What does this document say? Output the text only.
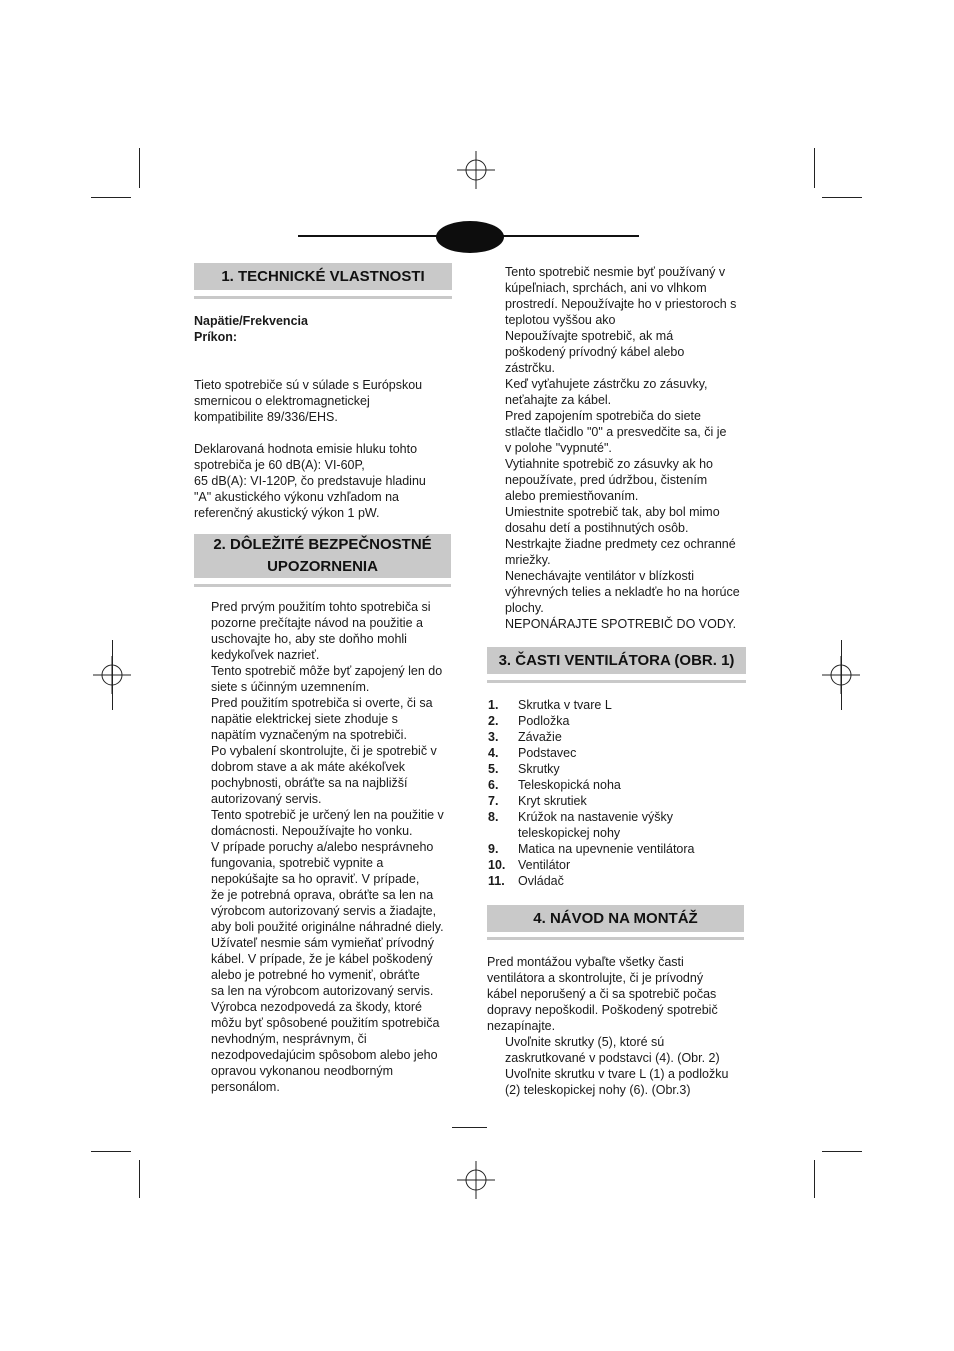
1. TECHNICKÉ VLASTNOSTI
Napätie/Frekvencia
Príkon:
Tieto spotrebiče sú v súlade s Európskou
smernicou o elektromagnetickej
kompatibilite 89/336/EHS.
Deklarovaná hodnota emisie hluku tohto
spotrebiča je 60 dB(A): VI-60P,
65 dB(A): VI-120P, čo predstavuje hladinu
"A" akustického výkonu vzhľadom na
referenčný akustický výkon 1 pW.
2. DÔLEŽITÉ BEZPEČNOSTNÉ
UPOZORNENIA
Pred prvým použitím tohto spotrebiča si
pozorne prečítajte návod na použitie a
uschovajte ho, aby ste doňho mohli
kedykoľvek nazrieť.
Tento spotrebič môže byť zapojený len do
siete s účinným uzemnením.
Pred použitím spotrebiča si overte, či sa
napätie elektrickej siete zhoduje s
napätím vyznačeným na spotrebiči.
Po vybalení skontrolujte, či je spotrebič v
dobrom stave a ak máte akékoľvek
pochybnosti, obráťte sa na najbližší
autorizovaný servis.
Tento spotrebič je určený len na použitie v
domácnosti. Nepoužívajte ho vonku.
V prípade poruchy a/alebo nesprávneho
fungovania, spotrebič vypnite a
nepokúšajte sa ho opraviť. V prípade,
že je potrebná oprava, obráťte sa len na
výrobcom autorizovaný servis a žiadajte,
aby boli použité originálne náhradné diely.
Užívateľ nesmie sám vymieňať prívodný
kábel. V prípade, že je kábel poškodený
alebo je potrebné ho vymeniť, obráťte
sa len na výrobcom autorizovaný servis.
Výrobca nezodpovedá za škody, ktoré
môžu byť spôsobené použitím spotrebiča
nevhodným, nesprávnym, či
nezodpovedajúcim spôsobom alebo jeho
opravou vykonanou neodborným
personálom.
Tento spotrebič nesmie byť používaný v
kúpeľniach, sprchách, ani vo vlhkom
prostredí. Nepoužívajte ho v priestoroch s
teplotou vyššou ako
Nepoužívajte spotrebič, ak má
poškodený prívodný kábel alebo
zástrčku.
Keď vyťahujete zástrčku zo zásuvky,
neťahajte za kábel.
Pred zapojením spotrebiča do siete
stlačte tlačidlo "0" a presvedčite sa, či je
v polohe "vypnuté".
Vytiahnite spotrebič zo zásuvky ak ho
nepoužívate, pred údržbou, čistením
alebo premiestňovaním.
Umiestnite spotrebič tak, aby bol mimo
dosahu detí a postihnutých osôb.
Nestrkajte žiadne predmety cez ochranné
mriežky.
Nenechávajte ventilátor v blízkosti
výhrevných telies a nekladťe ho na horúce
plochy.
NEPONÁRAJTE SPOTREBIČ DO VODY.
3. ČASTI VENTILÁTORA (OBR. 1)
1.	Skrutka v tvare L
2.	Podložka
3.	Závažie
4.	Podstavec
5.	Skrutky
6.	Teleskopická noha
7.	Kryt skrutiek
8.	Krúžok na nastavenie výšky
teleskopickej nohy
9.	Matica na upevnenie ventilátora
10.	Ventilátor
11.	Ovládač
4. NÁVOD NA MONTÁŽ
Pred montážou vybaľte všetky časti
ventilátora a skontrolujte, či je prívodný
kábel neporušený a či sa spotrebič počas
dopravy nepoškodil. Poškodený spotrebič
nezapínajte.
Uvoľnite skrutky (5), ktoré sú
zaskrutkované v podstavci (4). (Obr. 2)
Uvoľnite skrutku v tvare L (1) a podložku
(2) teleskopickej nohy (6). (Obr.3)
